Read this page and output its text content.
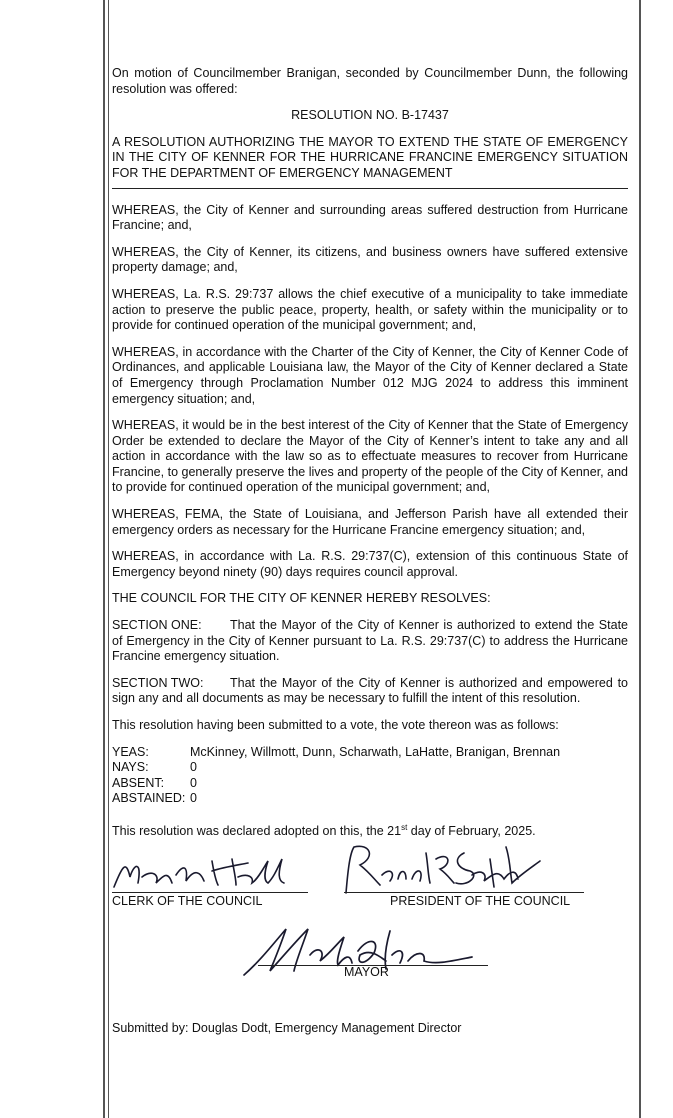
On motion of Councilmember Branigan, seconded by Councilmember Dunn, the following resolution was offered:

RESOLUTION NO. B-17437

A RESOLUTION AUTHORIZING THE MAYOR TO EXTEND THE STATE OF EMERGENCY IN THE CITY OF KENNER FOR THE HURRICANE FRANCINE EMERGENCY SITUATION FOR THE DEPARTMENT OF EMERGENCY MANAGEMENT

WHEREAS, the City of Kenner and surrounding areas suffered destruction from Hurricane Francine; and,

WHEREAS, the City of Kenner, its citizens, and business owners have suffered extensive property damage; and,

WHEREAS, La. R.S. 29:737 allows the chief executive of a municipality to take immediate action to preserve the public peace, property, health, or safety within the municipality or to provide for continued operation of the municipal government; and,

WHEREAS, in accordance with the Charter of the City of Kenner, the City of Kenner Code of Ordinances, and applicable Louisiana law, the Mayor of the City of Kenner declared a State of Emergency through Proclamation Number 012 MJG 2024 to address this imminent emergency situation; and,

WHEREAS, it would be in the best interest of the City of Kenner that the State of Emergency Order be extended to declare the Mayor of the City of Kenner’s intent to take any and all action in accordance with the law so as to effectuate measures to recover from Hurricane Francine, to generally preserve the lives and property of the people of the City of Kenner, and to provide for continued operation of the municipal government; and,

WHEREAS, FEMA, the State of Louisiana, and Jefferson Parish have all extended their emergency orders as necessary for the Hurricane Francine emergency situation; and,

WHEREAS, in accordance with La. R.S. 29:737(C), extension of this continuous State of Emergency beyond ninety (90) days requires council approval.

THE COUNCIL FOR THE CITY OF KENNER HEREBY RESOLVES:

SECTION ONE: That the Mayor of the City of Kenner is authorized to extend the State of Emergency in the City of Kenner pursuant to La. R.S. 29:737(C) to address the Hurricane Francine emergency situation.

SECTION TWO: That the Mayor of the City of Kenner is authorized and empowered to sign any and all documents as may be necessary to fulfill the intent of this resolution.

This resolution having been submitted to a vote, the vote thereon was as follows:

YEAS:	McKinney, Willmott, Dunn, Scharwath, LaHatte, Branigan, Brennan
NAYS:	0
ABSENT:	0
ABSTAINED: 0

This resolution was declared adopted on this, the 21st day of February, 2025.

CLERK OF THE COUNCIL	PRESIDENT OF THE COUNCIL
MAYOR

Submitted by: Douglas Dodt, Emergency Management Director
